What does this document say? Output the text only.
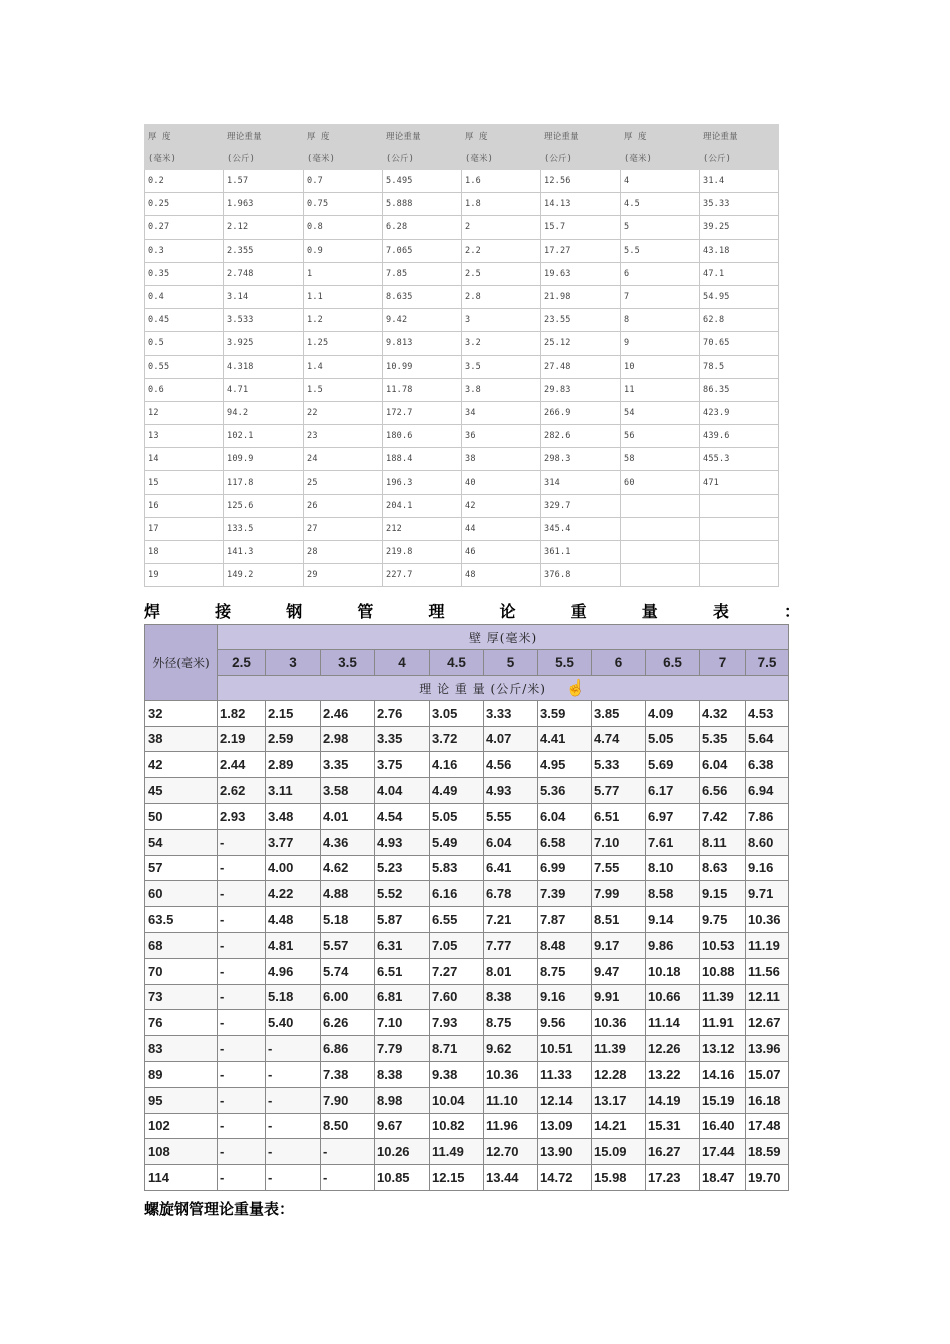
厚 度	理论重量	厚 度	理论重量	厚 度	理论重量	厚 度	理论重量
(毫米)	(公斤)	(毫米)	(公斤)	(毫米)	(公斤)	(毫米)	(公斤)
0.2	1.57	0.7	5.495	1.6	12.56	4	31.4
0.25	1.963	0.75	5.888	1.8	14.13	4.5	35.33
0.27	2.12	0.8	6.28	2	15.7	5	39.25
0.3	2.355	0.9	7.065	2.2	17.27	5.5	43.18
0.35	2.748	1	7.85	2.5	19.63	6	47.1
0.4	3.14	1.1	8.635	2.8	21.98	7	54.95
0.45	3.533	1.2	9.42	3	23.55	8	62.8
0.5	3.925	1.25	9.813	3.2	25.12	9	70.65
0.55	4.318	1.4	10.99	3.5	27.48	10	78.5
0.6	4.71	1.5	11.78	3.8	29.83	11	86.35
12	94.2	22	172.7	34	266.9	54	423.9
13	102.1	23	180.6	36	282.6	56	439.6
14	109.9	24	188.4	38	298.3	58	455.3
15	117.8	25	196.3	40	314	60	471
16	125.6	26	204.1	42	329.7		
17	133.5	27	212	44	345.4		
18	141.3	28	219.8	46	361.1		
19	149.2	29	227.7	48	376.8		
焊	接	钢	管	理	论	重	量	表	：
外径(毫米)	壁 厚(毫米)										
	2.5	3	3.5	4	4.5	5	5.5	6	6.5	7	7.5
	理 论 重 量 (公斤/米) ☝										
32	1.82	2.15	2.46	2.76	3.05	3.33	3.59	3.85	4.09	4.32	4.53
38	2.19	2.59	2.98	3.35	3.72	4.07	4.41	4.74	5.05	5.35	5.64
42	2.44	2.89	3.35	3.75	4.16	4.56	4.95	5.33	5.69	6.04	6.38
45	2.62	3.11	3.58	4.04	4.49	4.93	5.36	5.77	6.17	6.56	6.94
50	2.93	3.48	4.01	4.54	5.05	5.55	6.04	6.51	6.97	7.42	7.86
54	-	3.77	4.36	4.93	5.49	6.04	6.58	7.10	7.61	8.11	8.60
57	-	4.00	4.62	5.23	5.83	6.41	6.99	7.55	8.10	8.63	9.16
60	-	4.22	4.88	5.52	6.16	6.78	7.39	7.99	8.58	9.15	9.71
63.5	-	4.48	5.18	5.87	6.55	7.21	7.87	8.51	9.14	9.75	10.36
68	-	4.81	5.57	6.31	7.05	7.77	8.48	9.17	9.86	10.53	11.19
70	-	4.96	5.74	6.51	7.27	8.01	8.75	9.47	10.18	10.88	11.56
73	-	5.18	6.00	6.81	7.60	8.38	9.16	9.91	10.66	11.39	12.11
76	-	5.40	6.26	7.10	7.93	8.75	9.56	10.36	11.14	11.91	12.67
83	-	-	6.86	7.79	8.71	9.62	10.51	11.39	12.26	13.12	13.96
89	-	-	7.38	8.38	9.38	10.36	11.33	12.28	13.22	14.16	15.07
95	-	-	7.90	8.98	10.04	11.10	12.14	13.17	14.19	15.19	16.18
102	-	-	8.50	9.67	10.82	11.96	13.09	14.21	15.31	16.40	17.48
108	-	-	-	10.26	11.49	12.70	13.90	15.09	16.27	17.44	18.59
114	-	-	-	10.85	12.15	13.44	14.72	15.98	17.23	18.47	19.70
螺旋钢管理论重量表：
